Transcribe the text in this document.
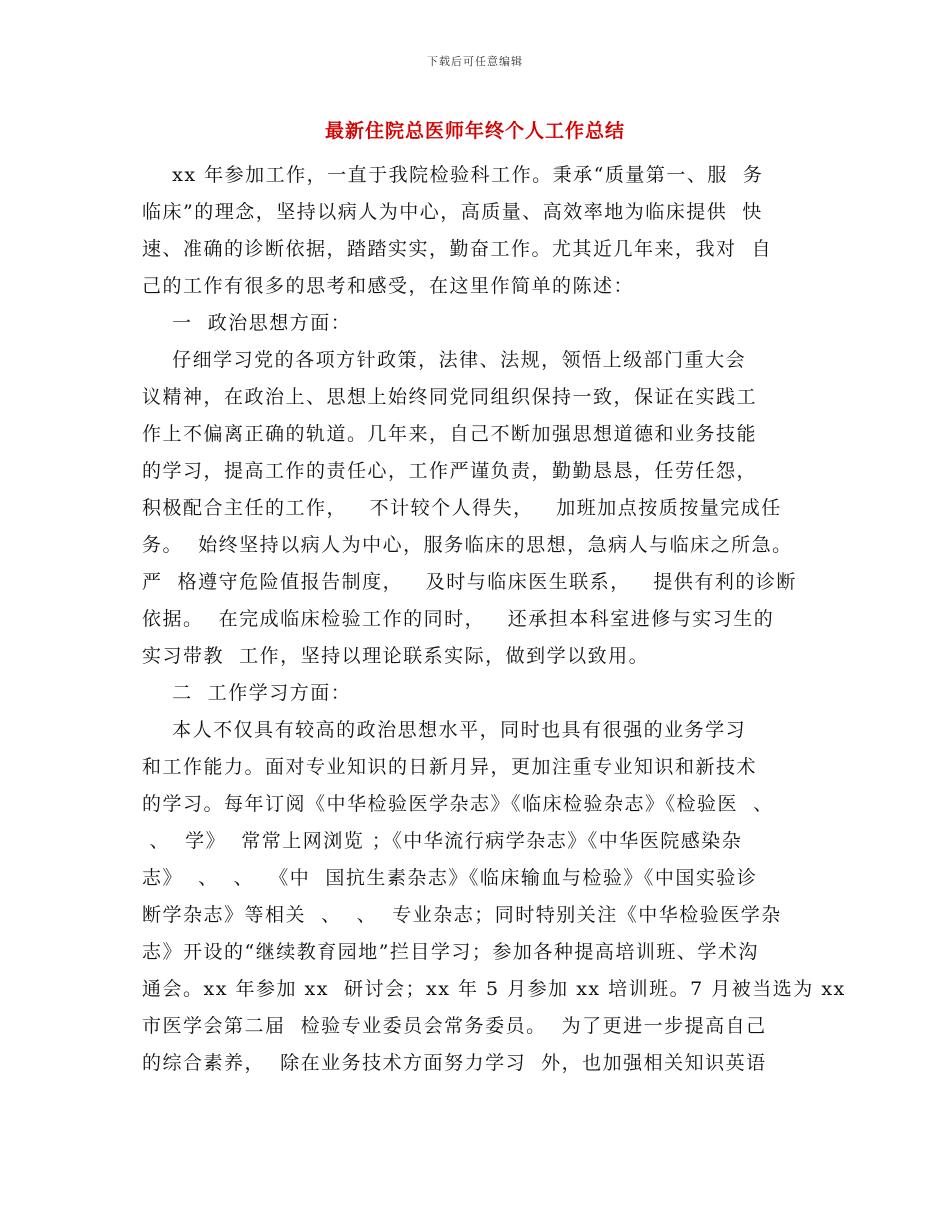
下载后可任意编辑
最新住院总医师年终个人工作总结
xx 年参加工作，一直于我院检验科工作。秉承“质量第一、服  务
临床”的理念，坚持以病人为中心，高质量、高效率地为临床提供  快
速、准确的诊断依据，踏踏实实，勤奋工作。尤其近几年来，我对  自
己的工作有很多的思考和感受，在这里作简单的陈述：
一  政治思想方面：
仔细学习党的各项方针政策，法律、法规，领悟上级部门重大会
议精神，在政治上、思想上始终同党同组织保持一致，保证在实践工
作上不偏离正确的轨道。几年来，自己不断加强思想道德和业务技能
的学习，提高工作的责任心，工作严谨负责，勤勤恳恳，任劳任怨，
积极配合主任的工作，   不计较个人得失，   加班加点按质按量完成任
务。  始终坚持以病人为中心，服务临床的思想，急病人与临床之所急。
严  格遵守危险值报告制度，   及时与临床医生联系，   提供有利的诊断
依据。  在完成临床检验工作的同时，   还承担本科室进修与实习生的
实习带教  工作，坚持以理论联系实际，做到学以致用。
二  工作学习方面：
本人不仅具有较高的政治思想水平，同时也具有很强的业务学习
和工作能力。面对专业知识的日新月异，更加注重专业知识和新技术
的学习。每年订阅《中华检验医学杂志》《临床检验杂志》《检验医  、
、  学》  常常上网浏览 ；《中华流行病学杂志》《中华医院感染杂
志》  、  、  《中  国抗生素杂志》《临床输血与检验》《中国实验诊
断学杂志》等相关  、  、  专业杂志；同时特别关注《中华检验医学杂
志》开设的“继续教育园地”拦目学习；参加各种提高培训班、学术沟
通会。xx 年参加 xx  研讨会；xx 年 5 月参加 xx 培训班。7 月被当选为 xx
市医学会第二届  检验专业委员会常务委员。  为了更进一步提高自己
的综合素养，  除在业务技术方面努力学习  外，也加强相关知识英语
